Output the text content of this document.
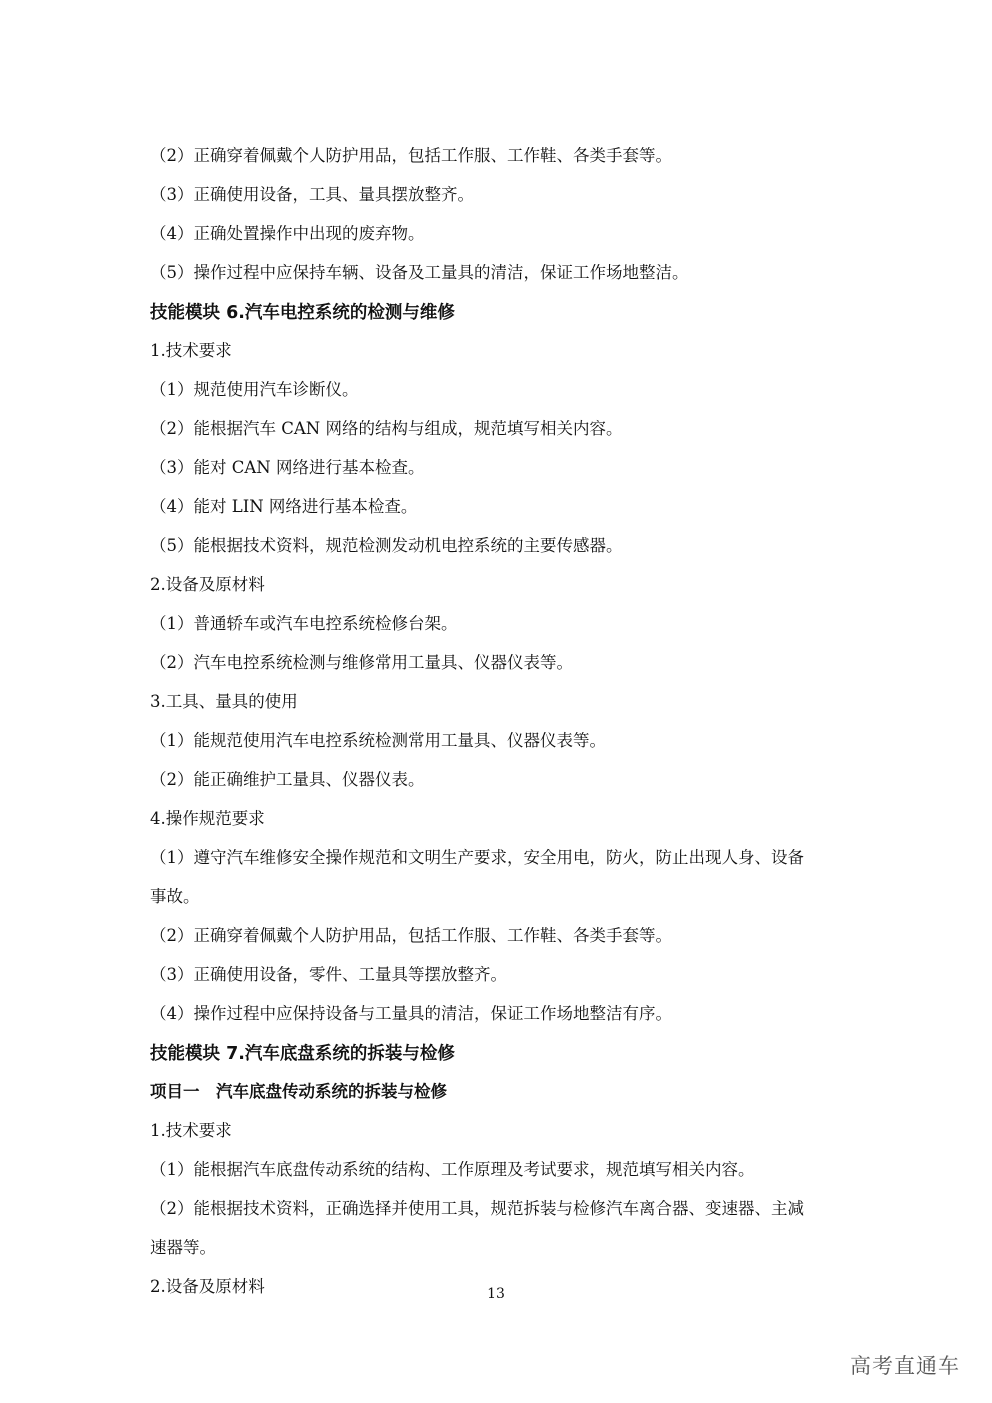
（2）正确穿着佩戴个人防护用品，包括工作服、工作鞋、各类手套等。

（3）正确使用设备，工具、量具摆放整齐。

（4）正确处置操作中出现的废弃物。

（5）操作过程中应保持车辆、设备及工量具的清洁，保证工作场地整洁。

技能模块 6.汽车电控系统的检测与维修

1.技术要求

（1）规范使用汽车诊断仪。

（2）能根据汽车 CAN 网络的结构与组成，规范填写相关内容。

（3）能对 CAN 网络进行基本检查。

（4）能对 LIN 网络进行基本检查。

（5）能根据技术资料，规范检测发动机电控系统的主要传感器。

2.设备及原材料

（1）普通轿车或汽车电控系统检修台架。

（2）汽车电控系统检测与维修常用工量具、仪器仪表等。

3.工具、量具的使用

（1）能规范使用汽车电控系统检测常用工量具、仪器仪表等。

（2）能正确维护工量具、仪器仪表。

4.操作规范要求

（1）遵守汽车维修安全操作规范和文明生产要求，安全用电，防火，防止出现人身、设备

事故。

（2）正确穿着佩戴个人防护用品，包括工作服、工作鞋、各类手套等。

（3）正确使用设备，零件、工量具等摆放整齐。

（4）操作过程中应保持设备与工量具的清洁，保证工作场地整洁有序。

技能模块 7.汽车底盘系统的拆装与检修

项目一　汽车底盘传动系统的拆装与检修

1.技术要求

（1）能根据汽车底盘传动系统的结构、工作原理及考试要求，规范填写相关内容。

（2）能根据技术资料，正确选择并使用工具，规范拆装与检修汽车离合器、变速器、主减

速器等。

2.设备及原材料	13
高考直通车
